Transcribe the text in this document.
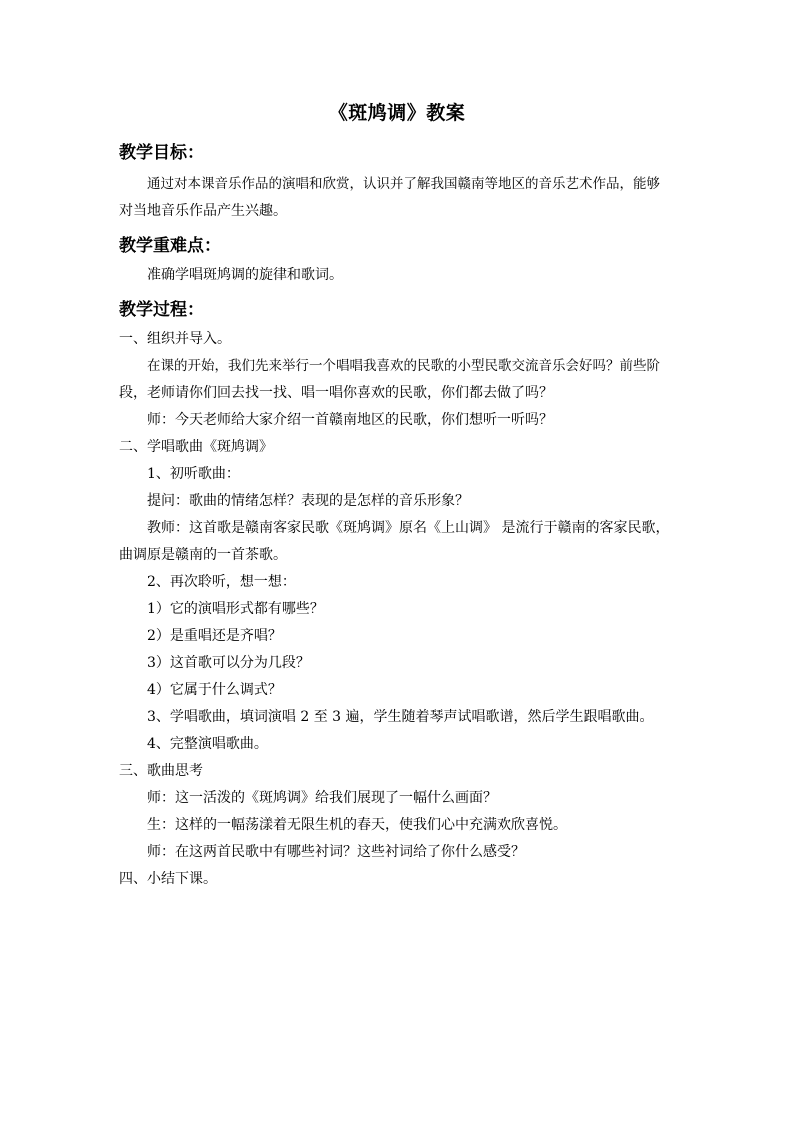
《斑鸠调》教案
教学目标：
通过对本课音乐作品的演唱和欣赏，认识并了解我国赣南等地区的音乐艺术作品，能够
对当地音乐作品产生兴趣。
教学重难点：
准确学唱斑鸠调的旋律和歌词。
教学过程：
一、组织并导入。
在课的开始，我们先来举行一个唱唱我喜欢的民歌的小型民歌交流音乐会好吗？前些阶
段，老师请你们回去找一找、唱一唱你喜欢的民歌，你们都去做了吗？
师：今天老师给大家介绍一首赣南地区的民歌，你们想听一听吗？
二、学唱歌曲《斑鸠调》
1、初听歌曲：
提问：歌曲的情绪怎样？表现的是怎样的音乐形象？
教师：这首歌是赣南客家民歌《斑鸠调》原名《上山调》 是流行于赣南的客家民歌，
曲调原是赣南的一首茶歌。
2、再次聆听，想一想：
1）它的演唱形式都有哪些？
2）是重唱还是齐唱？
3）这首歌可以分为几段？
4）它属于什么调式？
3、学唱歌曲，填词演唱 2 至 3 遍，学生随着琴声试唱歌谱，然后学生跟唱歌曲。
4、完整演唱歌曲。
三、歌曲思考
师：这一活泼的《斑鸠调》给我们展现了一幅什么画面？
生：这样的一幅荡漾着无限生机的春天，使我们心中充满欢欣喜悦。
师：在这两首民歌中有哪些衬词？这些衬词给了你什么感受？
四、小结下课。
